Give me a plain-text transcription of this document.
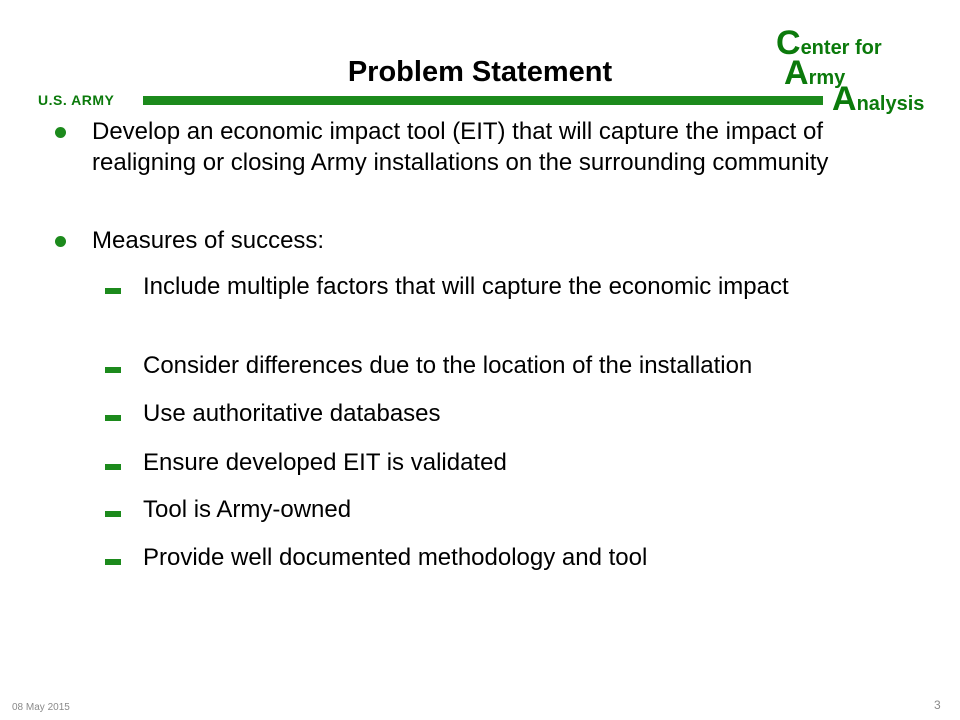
U.S. ARMY
Problem Statement
Center for
Army
Analysis
Develop an economic impact tool (EIT) that will capture the impact of realigning or closing Army installations on the surrounding community
Measures of success:
Include multiple factors that will capture the economic impact
Consider differences due to the location of the installation
Use authoritative databases
Ensure developed EIT is validated
Tool is Army-owned
Provide well documented methodology and tool
08 May 2015	3
